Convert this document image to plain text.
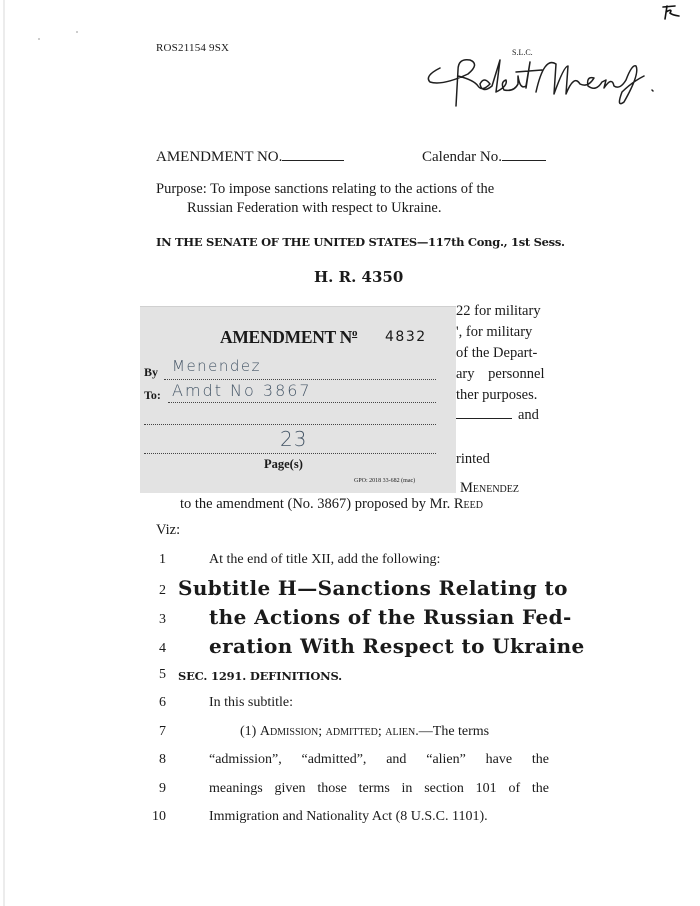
ROS21154 9SX	S.L.C.
AMENDMENT NO.	Calendar No.
Purpose: To impose sanctions relating to the actions of the
Russian Federation with respect to Ukraine.
IN THE SENATE OF THE UNITED STATES—117th Cong., 1st Sess.
H. R. 4350
22 for military
', for military
of the Depart-
ary personnel
ther purposes.
and
rinted
Menendez
AMENDMENT $N^o$ 4832
By Menendez
To: Amdt No 3867
23
Page(s)
GPO: 2018 33-682 (mac)
to the amendment (No. 3867) proposed by Mr. Reed
Viz:
1	At the end of title XII, add the following:
2 Subtitle H—Sanctions Relating to
3 the Actions of the Russian Fed-
4 eration With Respect to Ukraine
5 SEC. 1291. DEFINITIONS.
6	In this subtitle:
7	(1) Admission; admitted; alien.—The terms
8	“admission”, “admitted”, and “alien” have the
9	meanings given those terms in section 101 of the
10	Immigration and Nationality Act (8 U.S.C. 1101).
